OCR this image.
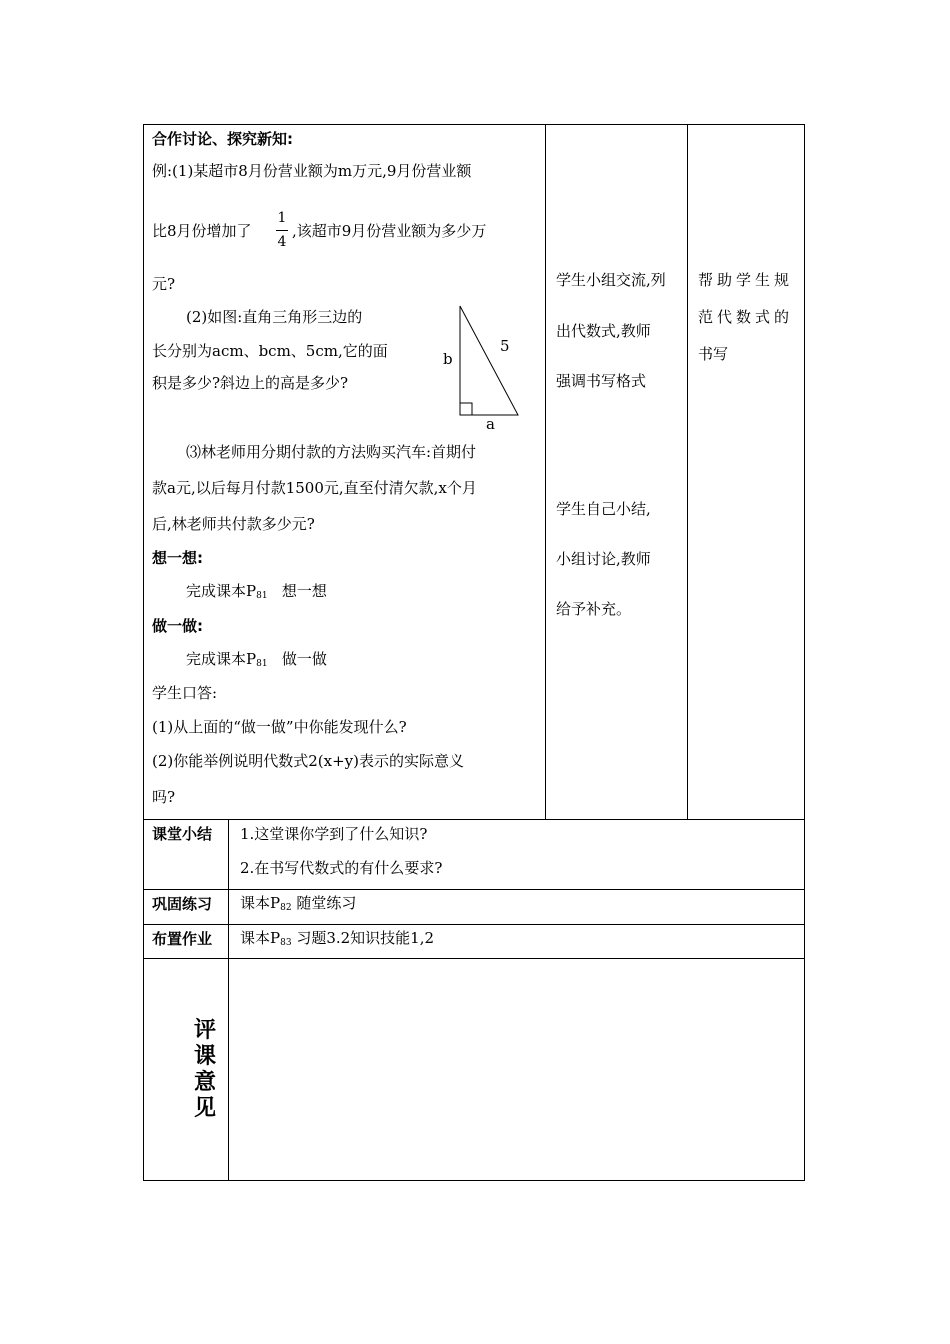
合作讨论、探究新知:
例:(1)某超市8月份营业额为m万元,9月份营业额
比8月份增加了
1
4
,该超市9月份营业额为多少万
元?
(2)如图:直角三角形三边的
长分别为acm、bcm、5cm,它的面
积是多少?斜边上的高是多少?
b
5
a
⑶林老师用分期付款的方法购买汽车:首期付
款a元,以后每月付款1500元,直至付清欠款,x个月
后,林老师共付款多少元?
想一想:
完成课本$P_{81}$ 想一想
做一做:
完成课本$P_{81}$ 做一做
学生口答:
(1)从上面的“做一做”中你能发现什么?
(2)你能举例说明代数式2(x+y)表示的实际意义
吗?
学生小组交流,列
出代数式,教师
强调书写格式
学生自己小结,
小组讨论,教师
给予补充。
帮助学生规
范代数式的
书写
课堂小结 1.这堂课你学到了什么知识?
2.在书写代数式的有什么要求?
巩固练习 课本$P_{82}$ 随堂练习
布置作业 课本$P_{83}$ 习题3.2知识技能1,2
评
课
意
见
